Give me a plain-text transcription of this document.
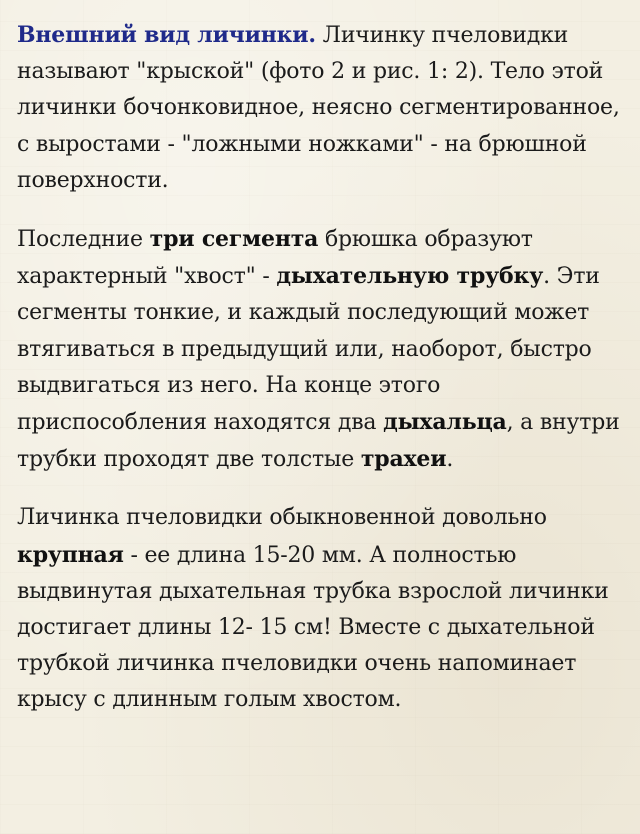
Внешний вид личинки. Личинку пчеловидки называют "крыской" (фото 2 и рис. 1: 2). Тело этой личинки бочонковидное, неясно сегментированное, с выростами - "ложными ножками" - на брюшной поверхности.

Последние три сегмента брюшка образуют характерный "хвост" - дыхательную трубку. Эти сегменты тонкие, и каждый последующий может втягиваться в предыдущий или, наоборот, быстро выдвигаться из него. На конце этого приспособления находятся два дыхальца, а внутри трубки проходят две толстые трахеи.

Личинка пчеловидки обыкновенной довольно крупная - ее длина 15-20 мм. А полностью выдвинутая дыхательная трубка взрослой личинки достигает длины 12- 15 см! Вместе с дыхательной трубкой личинка пчеловидки очень напоминает крысу с длинным голым хвостом.
